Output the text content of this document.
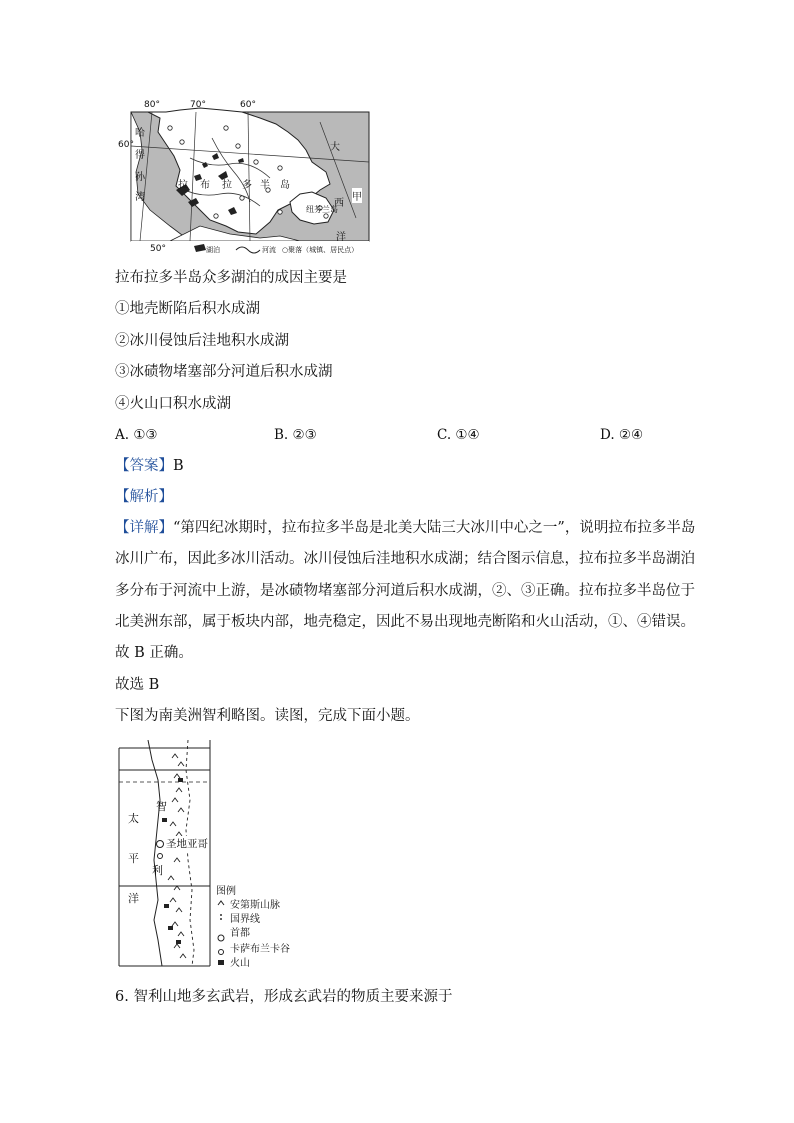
80°	70°	60°
60°
50°
哈
得
孙
湾
大
西
洋
甲
拉 布 拉 多 半 岛
纽芬兰岛
湖泊	河流 ○聚落（城镇、居民点）
拉布拉多半岛众多湖泊的成因主要是
①地壳断陷后积水成湖
②冰川侵蚀后洼地积水成湖
③冰碛物堵塞部分河道后积水成湖
④火山口积水成湖
A. ①③	B. ②③	C. ①④	D. ②④
【答案】B
【解析】
【详解】“第四纪冰期时，拉布拉多半岛是北美大陆三大冰川中心之一”，说明拉布拉多半岛
冰川广布，因此多冰川活动。冰川侵蚀后洼地积水成湖；结合图示信息，拉布拉多半岛湖泊
多分布于河流中上游，是冰碛物堵塞部分河道后积水成湖，②、③正确。拉布拉多半岛位于
北美洲东部，属于板块内部，地壳稳定，因此不易出现地壳断陷和火山活动，①、④错误。
故 B 正确。
故选 B
下图为南美洲智利略图。读图，完成下面小题。
太
平
洋
智
利
圣地亚哥
图例
安第斯山脉
国界线
首都
卡萨布兰卡谷
火山
6. 智利山地多玄武岩，形成玄武岩的物质主要来源于
